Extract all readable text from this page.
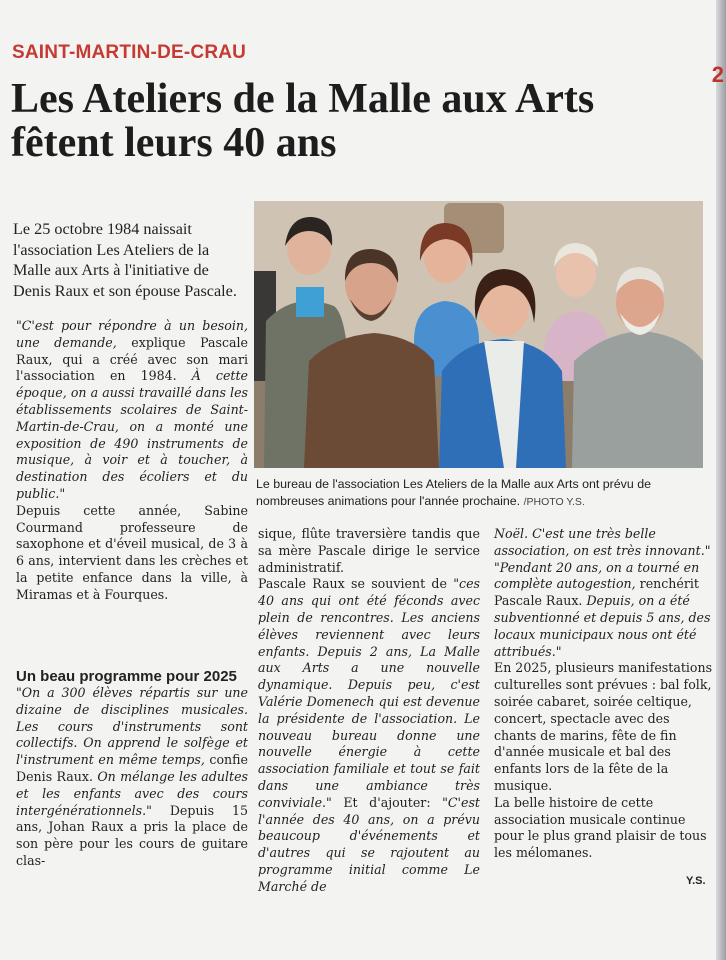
SAINT-MARTIN-DE-CRAU
Les Ateliers de la Malle aux Arts
fêtent leurs 40 ans

Le 25 octobre 1984 naissait l'association Les Ateliers de la Malle aux Arts à l'initiative de Denis Raux et son épouse Pascale.

"C'est pour répondre à un besoin, une demande, explique Pascale Raux, qui a créé avec son mari l'association en 1984. À cette époque, on a aussi travaillé dans les établissements scolaires de Saint-Martin-de-Crau, on a monté une exposition de 490 instruments de musique, à voir et à toucher, à destination des écoliers et du public."

Depuis cette année, Sabine Courmand professeure de saxophone et d'éveil musical, de 3 à 6 ans, intervient dans les crèches et la petite enfance dans la ville, à Miramas et à Fourques.

Un beau programme pour 2025

"On a 300 élèves répartis sur une dizaine de disciplines musicales. Les cours d'instruments sont collectifs. On apprend le solfège et l'instrument en même temps, confie Denis Raux. On mélange les adultes et les enfants avec des cours intergénérationnels." Depuis 15 ans, Johan Raux a pris la place de son père pour les cours de guitare clas-

Le bureau de l'association Les Ateliers de la Malle aux Arts ont prévu de nombreuses animations pour l'année prochaine. /PHOTO Y.S.

sique, flûte traversière tandis que sa mère Pascale dirige le service administratif.

Pascale Raux se souvient de "ces 40 ans qui ont été féconds avec plein de rencontres. Les anciens élèves reviennent avec leurs enfants. Depuis 2 ans, La Malle aux Arts a une nouvelle dynamique. Depuis peu, c'est Valérie Domenech qui est devenue la présidente de l'association. Le nouveau bureau donne une nouvelle énergie à cette association familiale et tout se fait dans une ambiance très conviviale." Et d'ajouter: "C'est l'année des 40 ans, on a prévu beaucoup d'événements et d'autres qui se rajoutent au programme initial comme Le Marché de

Noël. C'est une très belle association, on est très innovant."

"Pendant 20 ans, on a tourné en complète autogestion, renchérit Pascale Raux. Depuis, on a été subventionné et depuis 5 ans, des locaux municipaux nous ont été attribués."

En 2025, plusieurs manifestations culturelles sont prévues : bal folk, soirée cabaret, soirée celtique, concert, spectacle avec des chants de marins, fête de fin d'année musicale et bal des enfants lors de la fête de la musique.

La belle histoire de cette association musicale continue pour le plus grand plaisir de tous les mélomanes.

Y.S.
2
